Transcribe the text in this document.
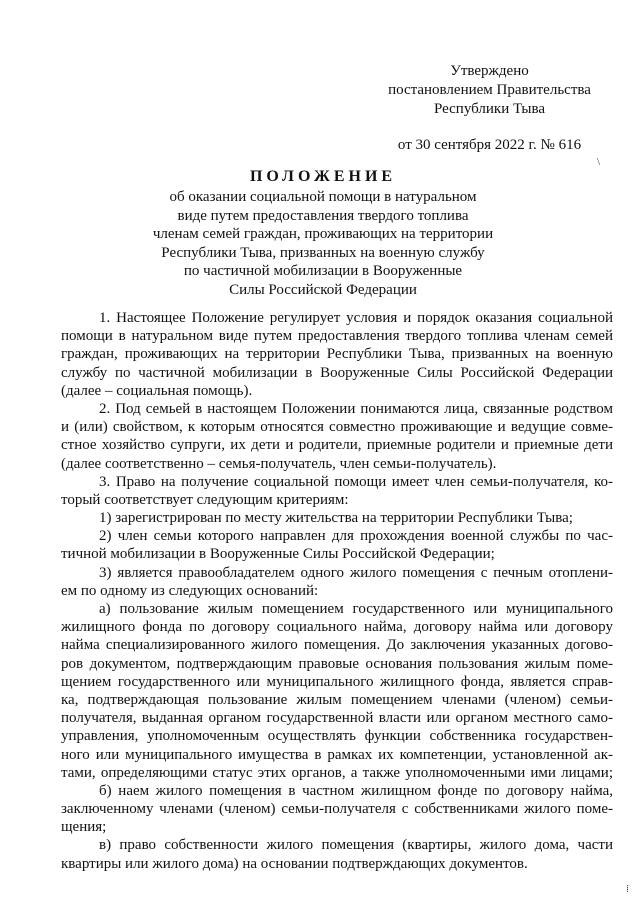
Утверждено
постановлением Правительства
Республики Тыва
от 30 сентября 2022 г. № 616
\
⁞
ПОЛОЖЕНИЕ
об оказании социальной помощи в натуральном
виде путем предоставления твердого топлива
членам семей граждан, проживающих на территории
Республики Тыва, призванных на военную службу
по частичной мобилизации в Вооруженные
Силы Российской Федерации
1. Настоящее Положение регулирует условия и порядок оказания социальной
помощи в натуральном виде путем предоставления твердого топлива членам семей
граждан, проживающих на территории Республики Тыва, призванных на военную
службу по частичной мобилизации в Вооруженные Силы Российской Федерации
(далее – социальная помощь).
2. Под семьей в настоящем Положении понимаются лица, связанные родством
и (или) свойством, к которым относятся совместно проживающие и ведущие совме-
стное хозяйство супруги, их дети и родители, приемные родители и приемные дети
(далее соответственно – семья-получатель, член семьи-получатель).
3. Право на получение социальной помощи имеет член семьи-получателя, ко-
торый соответствует следующим критериям:
1) зарегистрирован по месту жительства на территории Республики Тыва;
2) член семьи которого направлен для прохождения военной службы по час-
тичной мобилизации в Вооруженные Силы Российской Федерации;
3) является правообладателем одного жилого помещения с печным отоплени-
ем по одному из следующих оснований:
а) пользование жилым помещением государственного или муниципального
жилищного фонда по договору социального найма, договору найма или договору
найма специализированного жилого помещения. До заключения указанных догово-
ров документом, подтверждающим правовые основания пользования жилым поме-
щением государственного или муниципального жилищного фонда, является справ-
ка, подтверждающая пользование жилым помещением членами (членом) семьи-
получателя, выданная органом государственной власти или органом местного само-
управления, уполномоченным осуществлять функции собственника государствен-
ного или муниципального имущества в рамках их компетенции, установленной ак-
тами, определяющими статус этих органов, а также уполномоченными ими лицами;
б) наем жилого помещения в частном жилищном фонде по договору найма,
заключенному членами (членом) семьи-получателя с собственниками жилого поме-
щения;
в) право собственности жилого помещения (квартиры, жилого дома, части
квартиры или жилого дома) на основании подтверждающих документов.
